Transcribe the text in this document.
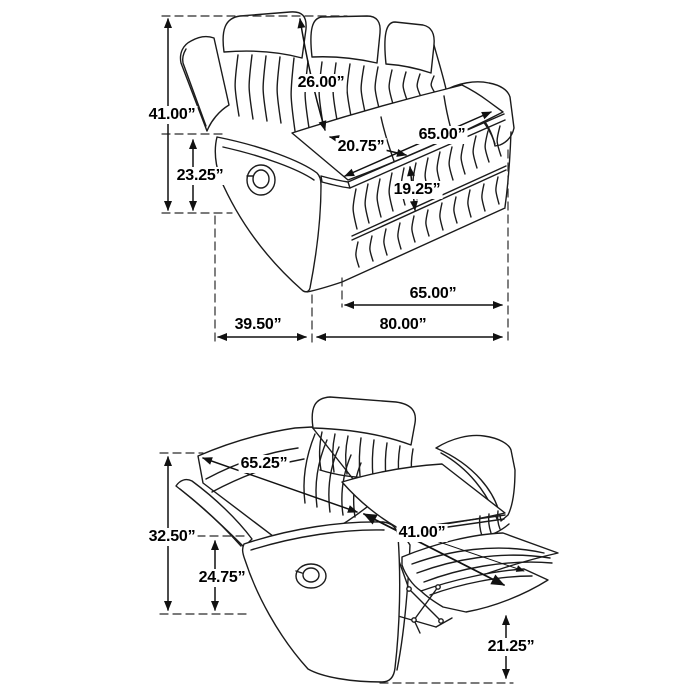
41.00”
23.25”
26.00”
20.75”
65.00”
19.25”
65.00”
39.50”	80.00”
65.25”
32.50”
24.75”
41.00”
21.25”
